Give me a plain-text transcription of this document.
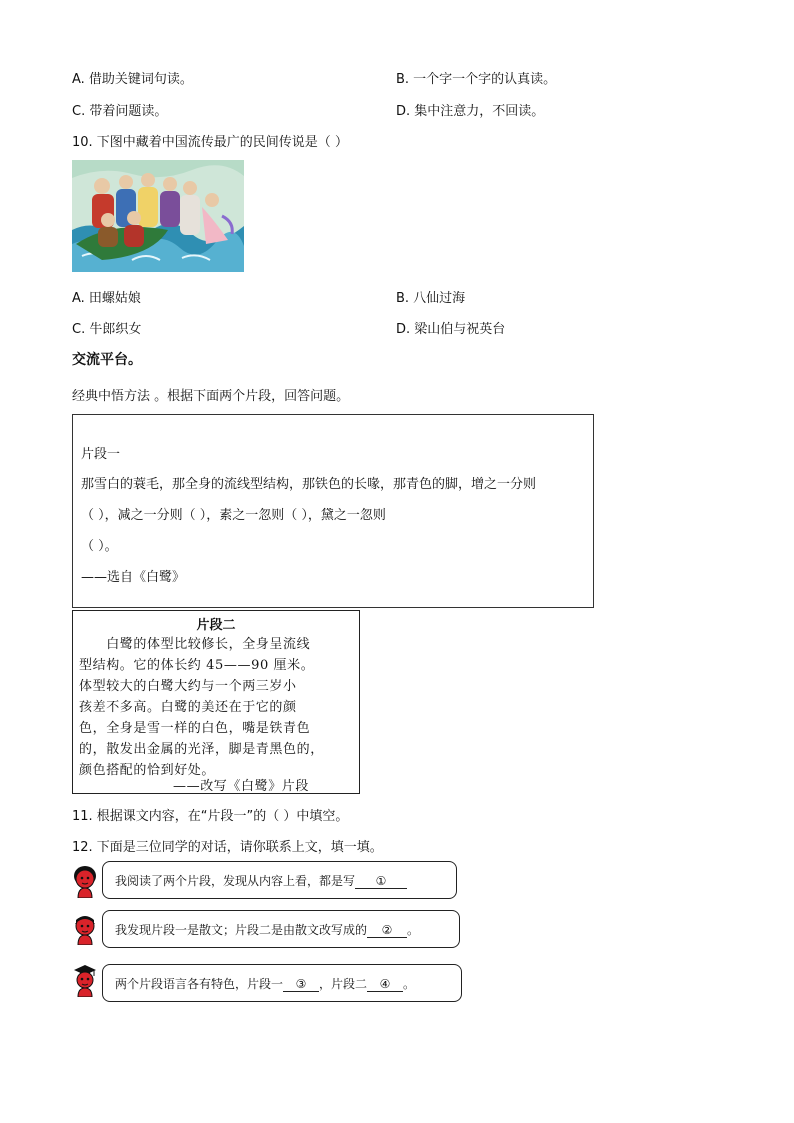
A. 借助关键词句读。	B. 一个字一个字的认真读。
C. 带着问题读。	D. 集中注意力，不回读。
10. 下图中藏着中国流传最广的民间传说是（ ）
A. 田螺姑娘	B. 八仙过海
C. 牛郎织女	D. 梁山伯与祝英台
交流平台。
经典中悟方法 。根据下面两个片段，回答问题。
片段一
那雪白的蓑毛，那全身的流线型结构，那铁色的长喙，那青色的脚，增之一分则
（ ），减之一分则（ ），素之一忽则（ ），黛之一忽则
（ ）。
——选自《白鹭》
片段二
　　白鹭的体型比较修长，全身呈流线
型结构。它的体长约 45——90 厘米。
体型较大的白鹭大约与一个两三岁小
孩差不多高。白鹭的美还在于它的颜
色，全身是雪一样的白色，嘴是铁青色
的，散发出金属的光泽，脚是青黑色的，
颜色搭配的恰到好处。
——改写《白鹭》片段
11. 根据课文内容，在“片段一”的（ ）中填空。
12. 下面是三位同学的对话，请你联系上文，填一填。
我阅读了两个片段，发现从内容上看，都是写 ①
我发现片段一是散文；片段二是由散文改写成的 ② 。
两个片段语言各有特色，片段一 ③ ，片段二 ④ 。
